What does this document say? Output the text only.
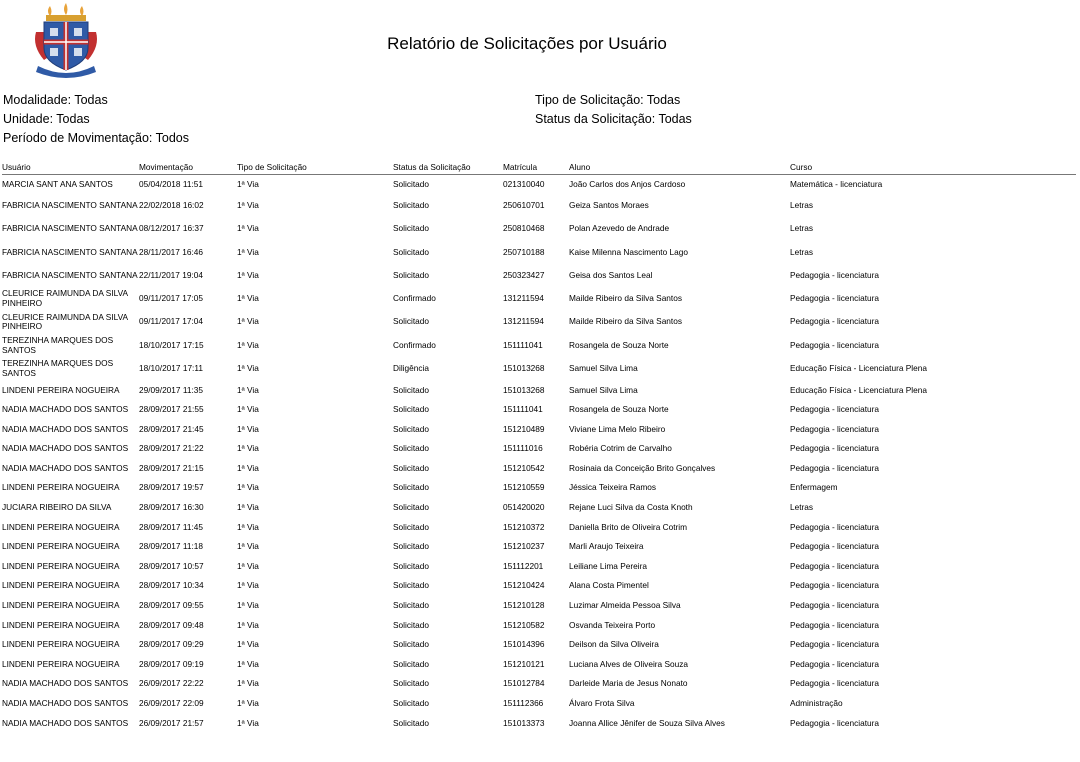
Relatório de Solicitações por Usuário
Modalidade: Todas
Unidade: Todas
Período de Movimentação: Todos
Tipo de Solicitação: Todas
Status da Solicitação: Todas
Usuário	Movimentação	Tipo de Solicitação	Status da Solicitação	Matrícula	Aluno	Curso
MARCIA SANT ANA SANTOS	05/04/2018 11:51	1ª Via	Solicitado	021310040	João Carlos dos Anjos Cardoso	Matemática - licenciatura
FABRICIA NASCIMENTO SANTANA	22/02/2018 16:02	1ª Via	Solicitado	250610701	Geiza Santos Moraes	Letras
FABRICIA NASCIMENTO SANTANA	08/12/2017 16:37	1ª Via	Solicitado	250810468	Polan Azevedo de Andrade	Letras
FABRICIA NASCIMENTO SANTANA	28/11/2017 16:46	1ª Via	Solicitado	250710188	Kaise Milenna Nascimento Lago	Letras
FABRICIA NASCIMENTO SANTANA	22/11/2017 19:04	1ª Via	Solicitado	250323427	Geisa dos Santos Leal	Pedagogia - licenciatura
CLEURICE RAIMUNDA DA SILVA PINHEIRO	09/11/2017 17:05	1ª Via	Confirmado	131211594	Mailde Ribeiro da Silva Santos	Pedagogia - licenciatura
CLEURICE RAIMUNDA DA SILVA PINHEIRO	09/11/2017 17:04	1ª Via	Solicitado	131211594	Mailde Ribeiro da Silva Santos	Pedagogia - licenciatura
TEREZINHA MARQUES DOS SANTOS	18/10/2017 17:15	1ª Via	Confirmado	151111041	Rosangela de Souza Norte	Pedagogia - licenciatura
TEREZINHA MARQUES DOS SANTOS	18/10/2017 17:11	1ª Via	Diligência	151013268	Samuel Silva Lima	Educação Física - Licenciatura Plena
LINDENI PEREIRA NOGUEIRA	29/09/2017 11:35	1ª Via	Solicitado	151013268	Samuel Silva Lima	Educação Física - Licenciatura Plena
NADIA MACHADO DOS SANTOS	28/09/2017 21:55	1ª Via	Solicitado	151111041	Rosangela de Souza Norte	Pedagogia - licenciatura
NADIA MACHADO DOS SANTOS	28/09/2017 21:45	1ª Via	Solicitado	151210489	Viviane Lima Melo Ribeiro	Pedagogia - licenciatura
NADIA MACHADO DOS SANTOS	28/09/2017 21:22	1ª Via	Solicitado	151111016	Robéria Cotrim de Carvalho	Pedagogia - licenciatura
NADIA MACHADO DOS SANTOS	28/09/2017 21:15	1ª Via	Solicitado	151210542	Rosinaia da Conceição Brito Gonçalves	Pedagogia - licenciatura
LINDENI PEREIRA NOGUEIRA	28/09/2017 19:57	1ª Via	Solicitado	151210559	Jéssica Teixeira Ramos	Enfermagem
JUCIARA RIBEIRO DA SILVA	28/09/2017 16:30	1ª Via	Solicitado	051420020	Rejane Luci Silva da Costa Knoth	Letras
LINDENI PEREIRA NOGUEIRA	28/09/2017 11:45	1ª Via	Solicitado	151210372	Daniella Brito de Oliveira Cotrim	Pedagogia - licenciatura
LINDENI PEREIRA NOGUEIRA	28/09/2017 11:18	1ª Via	Solicitado	151210237	Marli Araujo Teixeira	Pedagogia - licenciatura
LINDENI PEREIRA NOGUEIRA	28/09/2017 10:57	1ª Via	Solicitado	151112201	Leiliane Lima Pereira	Pedagogia - licenciatura
LINDENI PEREIRA NOGUEIRA	28/09/2017 10:34	1ª Via	Solicitado	151210424	Alana Costa Pimentel	Pedagogia - licenciatura
LINDENI PEREIRA NOGUEIRA	28/09/2017 09:55	1ª Via	Solicitado	151210128	Luzimar Almeida Pessoa Silva	Pedagogia - licenciatura
LINDENI PEREIRA NOGUEIRA	28/09/2017 09:48	1ª Via	Solicitado	151210582	Osvanda Teixeira Porto	Pedagogia - licenciatura
LINDENI PEREIRA NOGUEIRA	28/09/2017 09:29	1ª Via	Solicitado	151014396	Deilson da Silva Oliveira	Pedagogia - licenciatura
LINDENI PEREIRA NOGUEIRA	28/09/2017 09:19	1ª Via	Solicitado	151210121	Luciana Alves de Oliveira Souza	Pedagogia - licenciatura
NADIA MACHADO DOS SANTOS	26/09/2017 22:22	1ª Via	Solicitado	151012784	Darleide Maria de Jesus Nonato	Pedagogia - licenciatura
NADIA MACHADO DOS SANTOS	26/09/2017 22:09	1ª Via	Solicitado	151112366	Álvaro Frota Silva	Administração
NADIA MACHADO DOS SANTOS	26/09/2017 21:57	1ª Via	Solicitado	151013373	Joanna Allice Jênifer de Souza Silva Alves	Pedagogia - licenciatura
